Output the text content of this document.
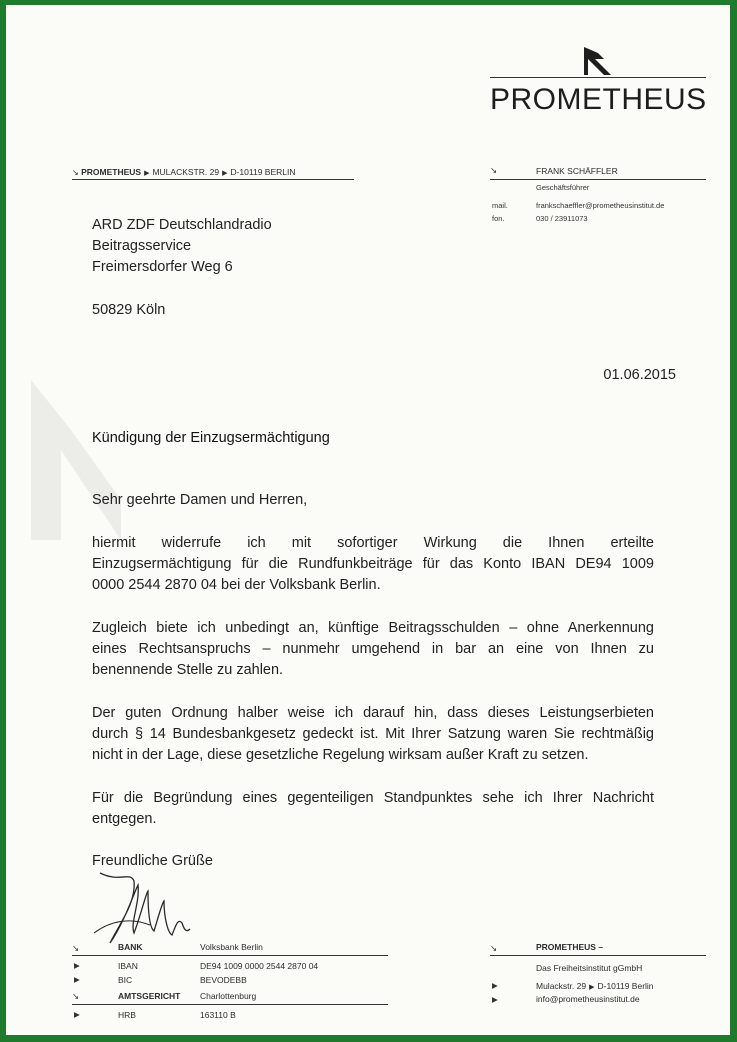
PROMETHEUS
↘ PROMETHEUS ▶ MULACKSTR. 29 ▶ D-10119 BERLIN	↘	FRANK SCHÄFFLER
Geschäftsführer
mail.	frankschaeffler@prometheusinstitut.de
fon.	030 / 23911073
ARD ZDF Deutschlandradio
Beitragsservice
Freimersdorfer Weg 6
50829 Köln
01.06.2015
Kündigung der Einzugsermächtigung
Sehr geehrte Damen und Herren,
hiermit widerrufe ich mit sofortiger Wirkung die Ihnen erteilte
Einzugsermächtigung für die Rundfunkbeiträge für das Konto IBAN DE94 1009
0000 2544 2870 04 bei der Volksbank Berlin.
Zugleich biete ich unbedingt an, künftige Beitragsschulden – ohne Anerkennung
eines Rechtsanspruchs – nunmehr umgehend in bar an eine von Ihnen zu
benennende Stelle zu zahlen.
Der guten Ordnung halber weise ich darauf hin, dass dieses Leistungserbieten
durch § 14 Bundesbankgesetz gedeckt ist. Mit Ihrer Satzung waren Sie rechtmäßig
nicht in der Lage, diese gesetzliche Regelung wirksam außer Kraft zu setzen.
Für die Begründung eines gegenteiligen Standpunktes sehe ich Ihrer Nachricht
entgegen.
Freundliche Grüße
↘	BANK	Volksbank Berlin
▶	IBAN	DE94 1009 0000 2544 2870 04
▶	BIC	BEVODEBB
↘	AMTSGERICHT Charlottenburg
▶	HRB	163110 B
↘	PROMETHEUS –
Das Freiheitsinstitut gGmbH
▶	Mulackstr. 29 ▶ D-10119 Berlin
▶	info@prometheusinstitut.de
